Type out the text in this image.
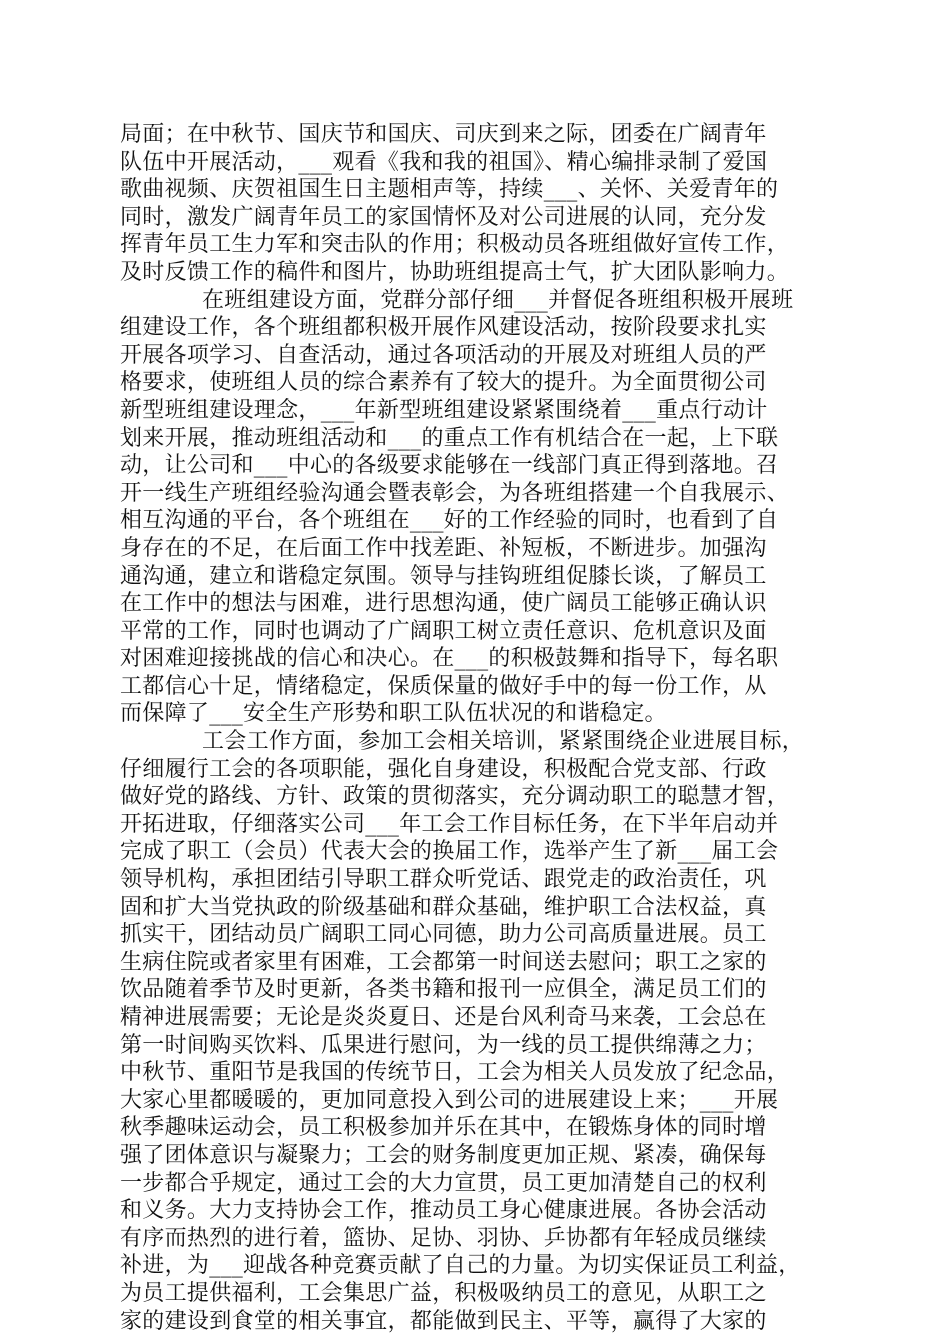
局面；在中秋节、国庆节和国庆、司庆到来之际，团委在广阔青年
队伍中开展活动，___观看《我和我的祖国》、精心编排录制了爱国
歌曲视频、庆贺祖国生日主题相声等，持续___、关怀、关爱青年的
同时，激发广阔青年员工的家国情怀及对公司进展的认同，充分发
挥青年员工生力军和突击队的作用；积极动员各班组做好宣传工作，
及时反馈工作的稿件和图片，协助班组提高士气，扩大团队影响力。
在班组建设方面，党群分部仔细___并督促各班组积极开展班
组建设工作，各个班组都积极开展作风建设活动，按阶段要求扎实
开展各项学习、自查活动，通过各项活动的开展及对班组人员的严
格要求，使班组人员的综合素养有了较大的提升。为全面贯彻公司
新型班组建设理念，___年新型班组建设紧紧围绕着___重点行动计
划来开展，推动班组活动和___的重点工作有机结合在一起，上下联
动，让公司和___中心的各级要求能够在一线部门真正得到落地。召
开一线生产班组经验沟通会暨表彰会，为各班组搭建一个自我展示、
相互沟通的平台，各个班组在___好的工作经验的同时，也看到了自
身存在的不足，在后面工作中找差距、补短板，不断进步。加强沟
通沟通，建立和谐稳定氛围。领导与挂钩班组促膝长谈，了解员工
在工作中的想法与困难，进行思想沟通，使广阔员工能够正确认识
平常的工作，同时也调动了广阔职工树立责任意识、危机意识及面
对困难迎接挑战的信心和决心。在___的积极鼓舞和指导下，每名职
工都信心十足，情绪稳定，保质保量的做好手中的每一份工作，从
而保障了___安全生产形势和职工队伍状况的和谐稳定。
工会工作方面，参加工会相关培训，紧紧围绕企业进展目标，
仔细履行工会的各项职能，强化自身建设，积极配合党支部、行政
做好党的路线、方针、政策的贯彻落实，充分调动职工的聪慧才智，
开拓进取，仔细落实公司___年工会工作目标任务，在下半年启动并
完成了职工（会员）代表大会的换届工作，选举产生了新___届工会
领导机构，承担团结引导职工群众听党话、跟党走的政治责任，巩
固和扩大当党执政的阶级基础和群众基础，维护职工合法权益，真
抓实干，团结动员广阔职工同心同德，助力公司高质量进展。员工
生病住院或者家里有困难，工会都第一时间送去慰问；职工之家的
饮品随着季节及时更新，各类书籍和报刊一应俱全，满足员工们的
精神进展需要；无论是炎炎夏日、还是台风利奇马来袭，工会总在
第一时间购买饮料、瓜果进行慰问，为一线的员工提供绵薄之力；
中秋节、重阳节是我国的传统节日，工会为相关人员发放了纪念品，
大家心里都暖暖的，更加同意投入到公司的进展建设上来；___开展
秋季趣味运动会，员工积极参加并乐在其中，在锻炼身体的同时增
强了团体意识与凝聚力；工会的财务制度更加正规、紧凑，确保每
一步都合乎规定，通过工会的大力宣贯，员工更加清楚自己的权利
和义务。大力支持协会工作，推动员工身心健康进展。各协会活动
有序而热烈的进行着，篮协、足协、羽协、乒协都有年轻成员继续
补进，为___迎战各种竞赛贡献了自己的力量。为切实保证员工利益，
为员工提供福利，工会集思广益，积极吸纳员工的意见，从职工之
家的建设到食堂的相关事宜，都能做到民主、平等，赢得了大家的
